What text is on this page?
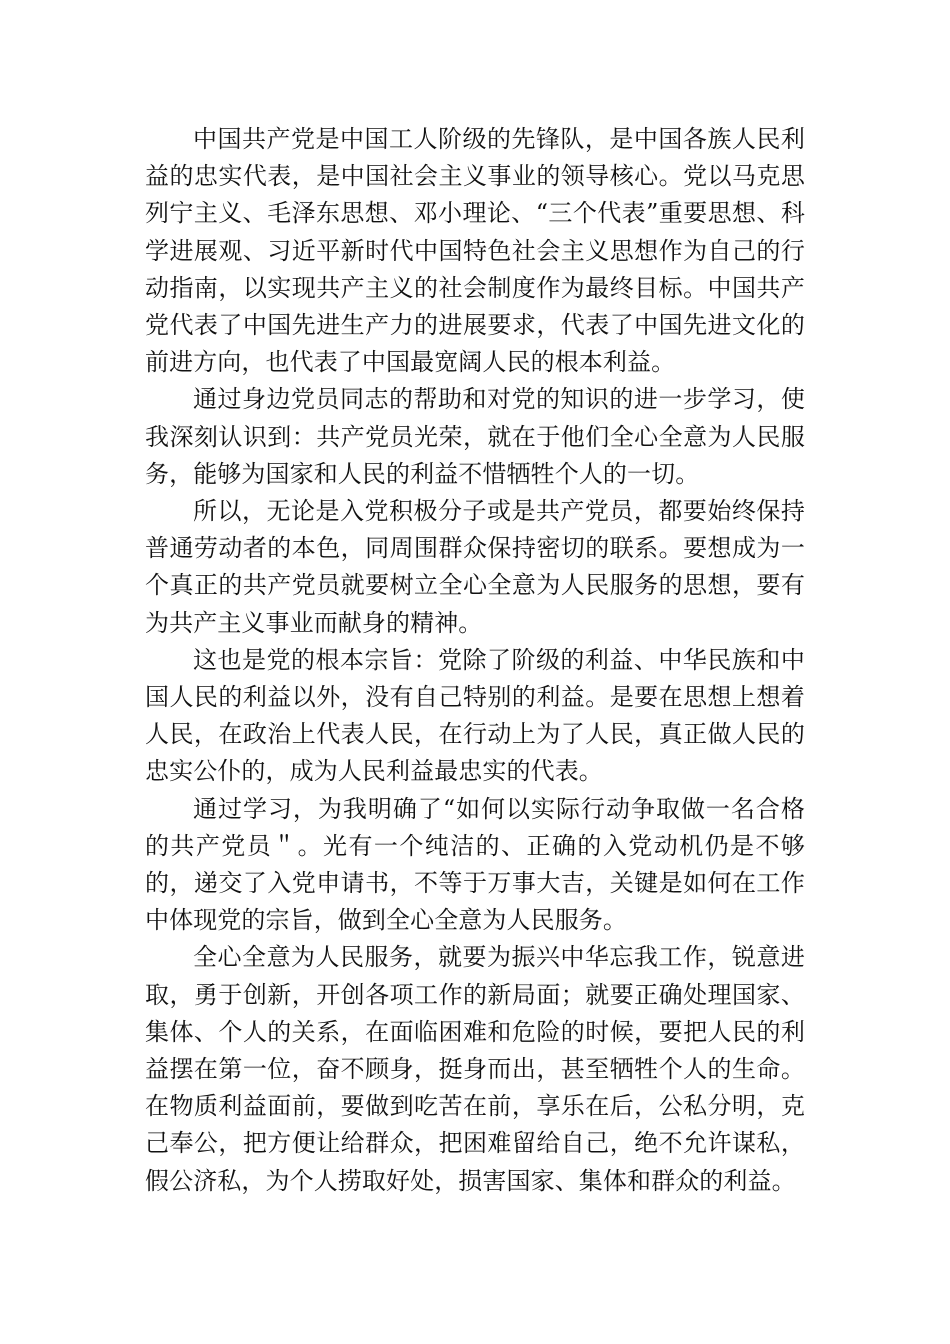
中国共产党是中国工人阶级的先锋队，是中国各族人民利益的忠实代表，是中国社会主义事业的领导核心。党以马克思列宁主义、毛泽东思想、邓小理论、“三个代表”重要思想、科学进展观、习近平新时代中国特色社会主义思想作为自己的行动指南，以实现共产主义的社会制度作为最终目标。中国共产党代表了中国先进生产力的进展要求，代表了中国先进文化的前进方向，也代表了中国最宽阔人民的根本利益。

通过身边党员同志的帮助和对党的知识的进一步学习，使我深刻认识到：共产党员光荣，就在于他们全心全意为人民服务，能够为国家和人民的利益不惜牺牲个人的一切。

所以，无论是入党积极分子或是共产党员，都要始终保持普通劳动者的本色，同周围群众保持密切的联系。要想成为一个真正的共产党员就要树立全心全意为人民服务的思想，要有为共产主义事业而献身的精神。

这也是党的根本宗旨：党除了阶级的利益、中华民族和中国人民的利益以外，没有自己特别的利益。是要在思想上想着人民，在政治上代表人民，在行动上为了人民，真正做人民的忠实公仆的，成为人民利益最忠实的代表。

通过学习，为我明确了“如何以实际行动争取做一名合格的共产党员＂。光有一个纯洁的、正确的入党动机仍是不够的，递交了入党申请书，不等于万事大吉，关键是如何在工作中体现党的宗旨，做到全心全意为人民服务。

全心全意为人民服务，就要为振兴中华忘我工作，锐意进取，勇于创新，开创各项工作的新局面；就要正确处理国家、集体、个人的关系，在面临困难和危险的时候，要把人民的利益摆在第一位，奋不顾身，挺身而出，甚至牺牲个人的生命。在物质利益面前，要做到吃苦在前，享乐在后，公私分明，克己奉公，把方便让给群众，把困难留给自己，绝不允许谋私，假公济私，为个人捞取好处，损害国家、集体和群众的利益。
